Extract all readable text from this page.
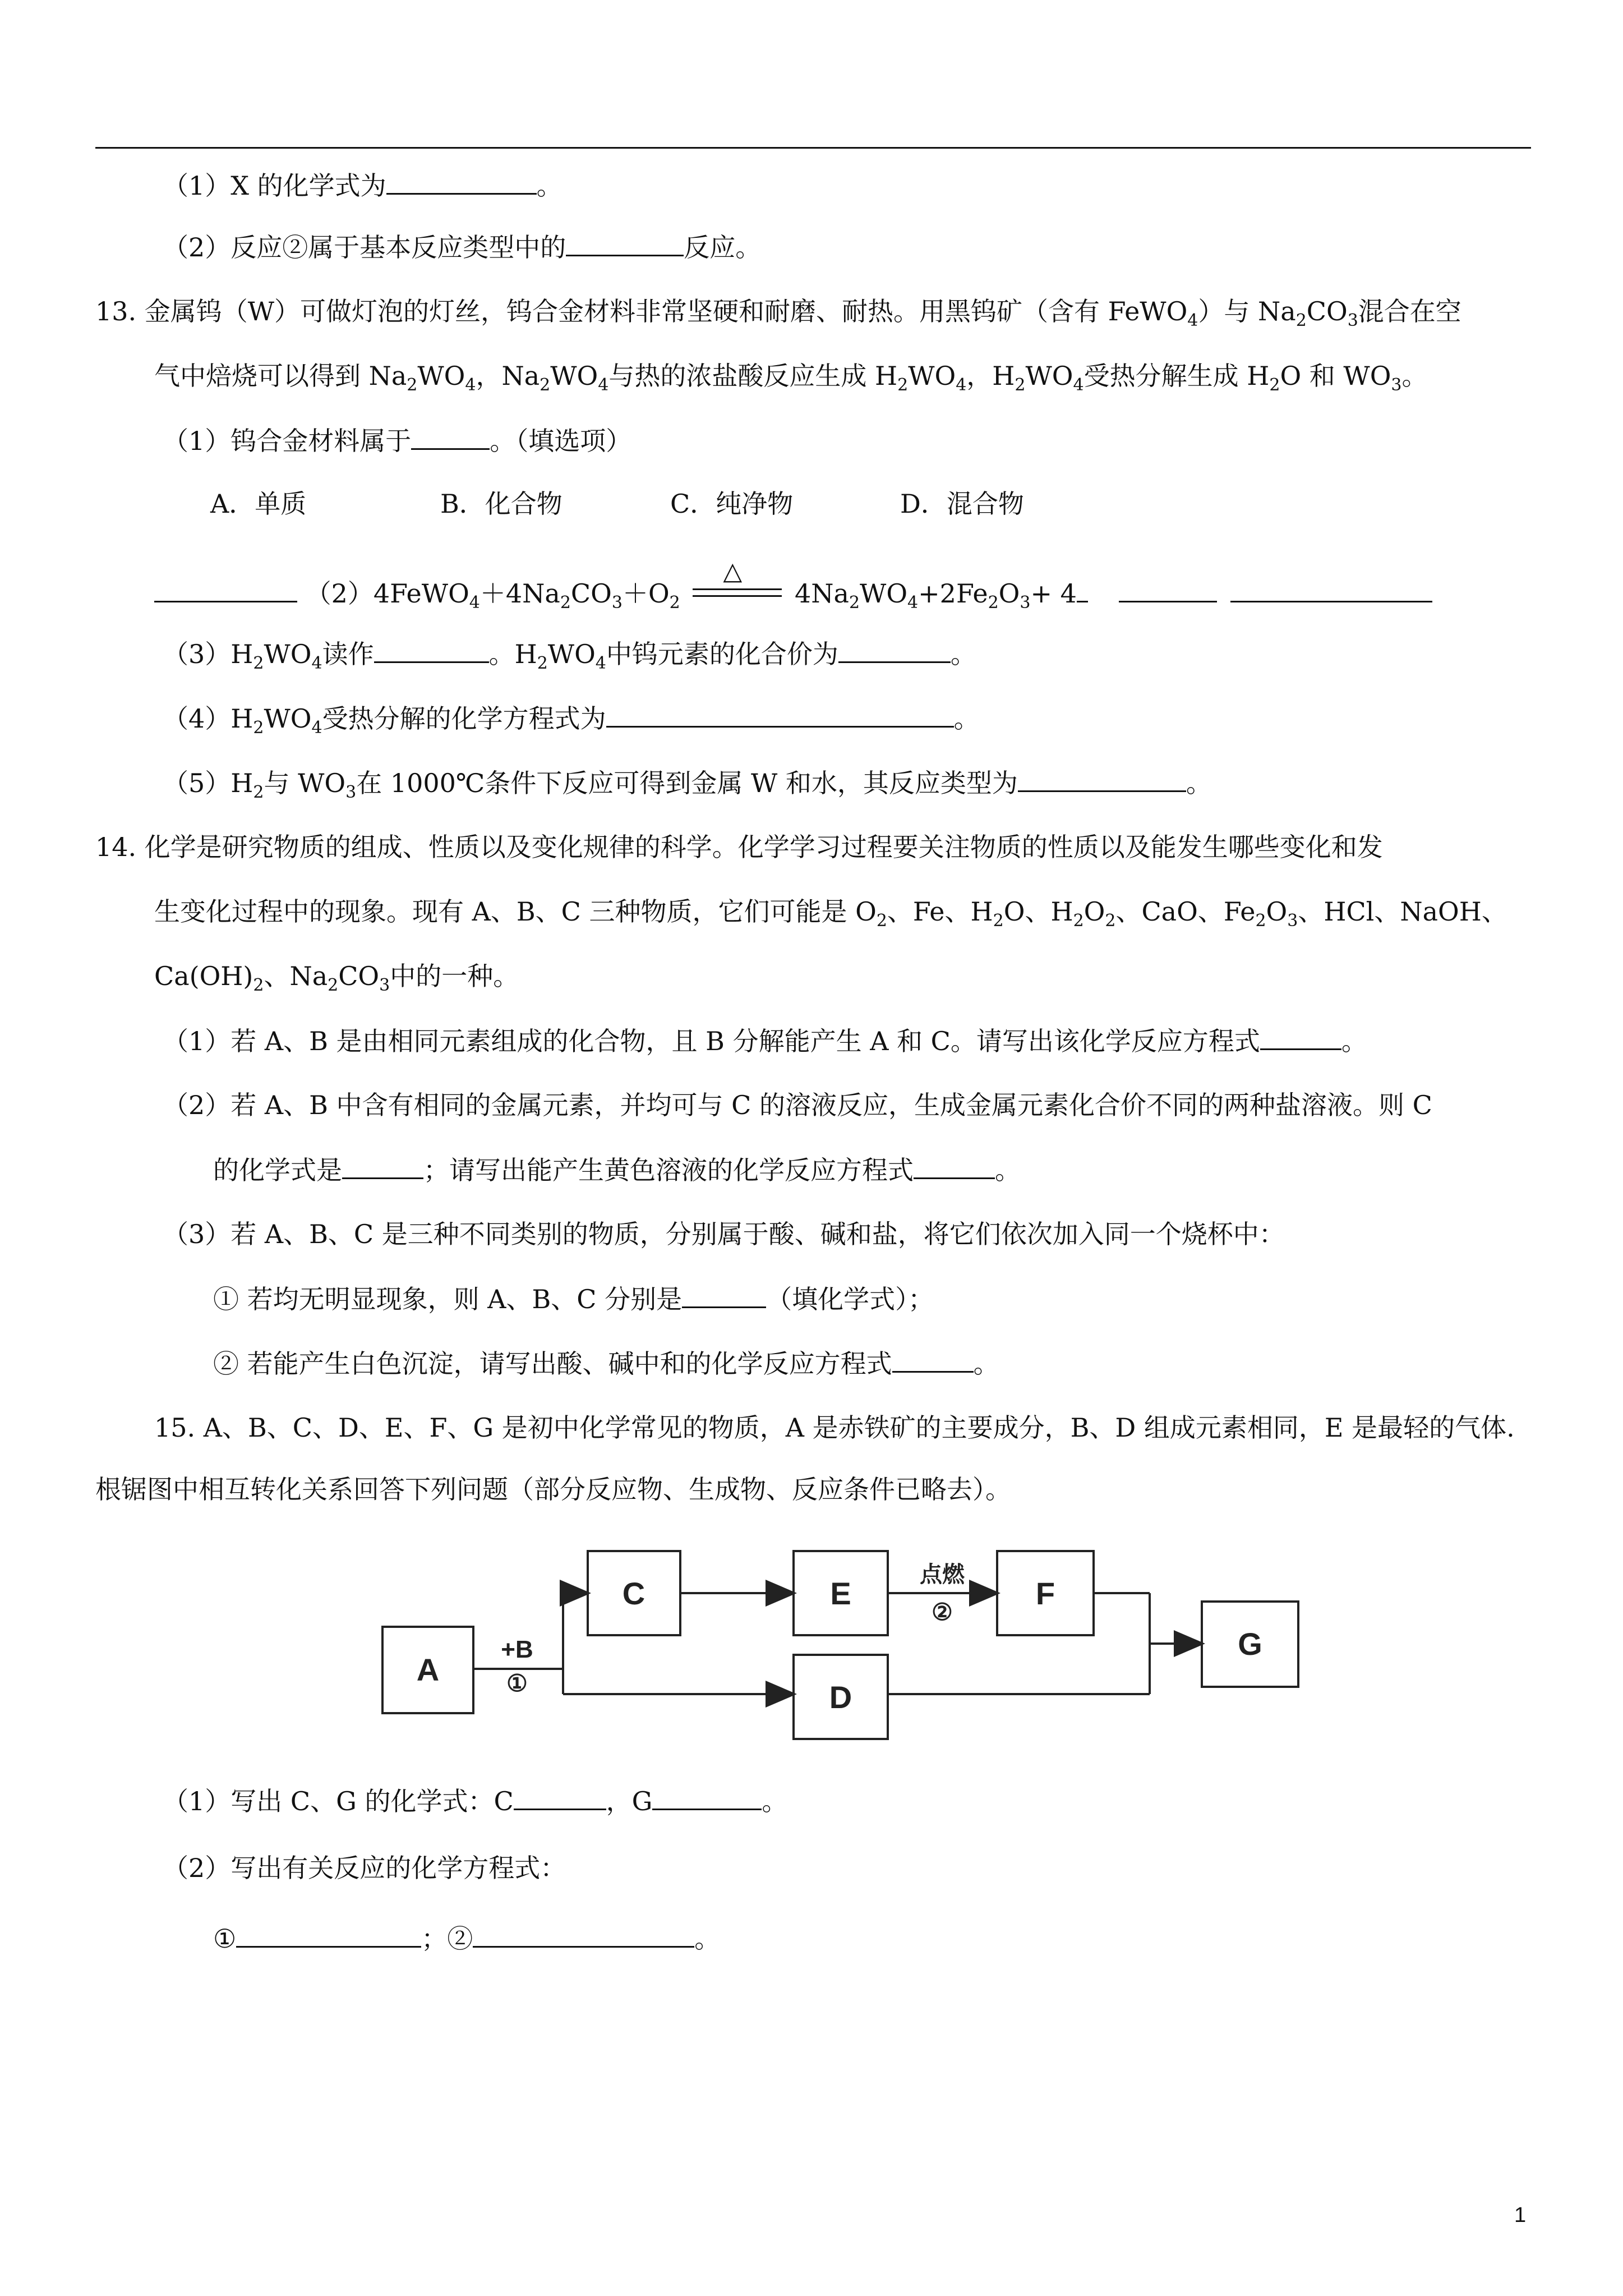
（1）X 的化学式为	。
（2）反应②属于基本反应类型中的	反应。
13. 金属钨（W）可做灯泡的灯丝，钨合金材料非常坚硬和耐磨、耐热。用黑钨矿（含有 FeWO$_4$）与 $Na_2CO_3$混合在空
气中焙烧可以得到 $Na_2WO_4$，$Na_2WO_4$与热的浓盐酸反应生成 $H_2WO_4$，$H_2WO_4$受热分解生成 $H_2O$ 和 $WO_3$。
（1）钨合金材料属于	。（填选项）
A．单质	B．化合物	C．纯净物	D．混合物
$(2)4FeWO_4+4Na_2CO_3+O_2$
△
$4Na_2WO_4+2Fe_2O_3+ 4$
$(3)H_2WO_4$读作	。$H_2WO_4$中钨元素的化合价为	。
$(4)H_2WO_4$受热分解的化学方程式为	。
$(5)H_2$与 $WO_3$在 1000℃条件下反应可得到金属 W 和水，其反应类型为	。
14. 化学是研究物质的组成、性质以及变化规律的科学。化学学习过程要关注物质的性质以及能发生哪些变化和发
生变化过程中的现象。现有 A、B、C 三种物质，它们可能是 $O_2$、Fe、$H_2O$、$H_2O_2$、CaO、$Fe_2O_3$、HCl、NaOH、
$Ca(OH)_2$、$Na_2CO_3$中的一种。
（1）若 A、B 是由相同元素组成的化合物，且 B 分解能产生 A 和 C。请写出该化学反应方程式	。
（2）若 A、B 中含有相同的金属元素，并均可与 C 的溶液反应，生成金属元素化合价不同的两种盐溶液。则 C
的化学式是	；请写出能产生黄色溶液的化学反应方程式	。
（3）若 A、B、C 是三种不同类别的物质，分别属于酸、碱和盐，将它们依次加入同一个烧杯中：
① 若均无明显现象，则 A、B、C 分别是	（填化学式）；
② 若能产生白色沉淀，请写出酸、碱中和的化学反应方程式	。
15. A、B、C、D、E、F、G 是初中化学常见的物质，A 是赤铁矿的主要成分，B、D 组成元素相同，E 是最轻的气体.
根锯图中相互转化关系回答下列问题（部分反应物、生成物、反应条件已略去）。
A
C	E	F
D
G
+B
①
点燃
②
（1）写出 C、G 的化学式：C	，G	。
（2）写出有关反应的化学方程式：
①	；②	。
1
